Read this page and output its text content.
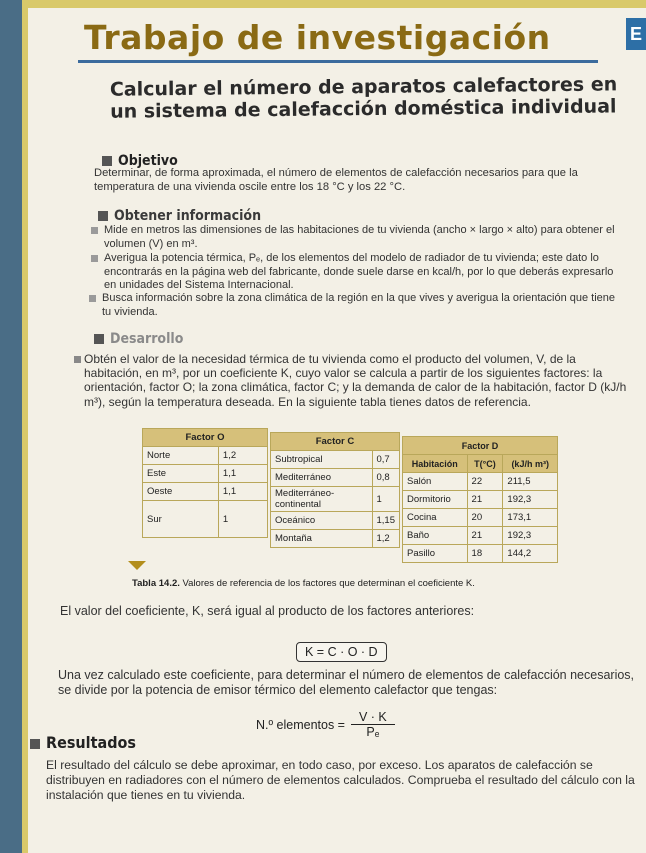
E
Trabajo de investigación
Calcular el número de aparatos calefactores en un sistema de calefacción doméstica individual
Objetivo
Determinar, de forma aproximada, el número de elementos de calefacción necesarios para que la temperatura de una vivienda oscile entre los 18 °C y los 22 °C.
Obtener información
Mide en metros las dimensiones de las habitaciones de tu vivienda (ancho × largo × alto) para obtener el volumen (V) en m³.
Averigua la potencia térmica, Pₑ, de los elementos del modelo de radiador de tu vivienda; este dato lo encontrarás en la página web del fabricante, donde suele darse en kcal/h, por lo que deberás expresarlo en unidades del Sistema Internacional.
Busca información sobre la zona climática de la región en la que vives y averigua la orientación que tiene tu vivienda.
Desarrollo
Obtén el valor de la necesidad térmica de tu vivienda como el producto del volumen, V, de la habitación, en m³, por un coeficiente K, cuyo valor se calcula a partir de los siguientes factores: la orientación, factor O; la zona climática, factor C; y la demanda de calor de la habitación, factor D (kJ/h m³), según la temperatura deseada. En la siguiente tabla tienes datos de referencia.
Factor O	
Norte	1,2
Este	1,1
Oeste	1,1
Sur	1
Factor C	
Subtropical	0,7
Mediterráneo	0,8
Mediterráneo-continental	1
Oceánico	1,15
Montaña	1,2
Factor D		
Habitación	T(°C)	(kJ/h m³)
Salón	22	211,5
Dormitorio	21	192,3
Cocina	20	173,1
Baño	21	192,3
Pasillo	18	144,2
Tabla 14.2. Valores de referencia de los factores que determinan el coeficiente K.
El valor del coeficiente, K, será igual al producto de los factores anteriores:
K = C · O · D
Una vez calculado este coeficiente, para determinar el número de elementos de calefacción necesarios, se divide por la potencia de emisor térmico del elemento calefactor que tengas:
N.º elementos = $\frac{V \cdot K}{\text{Pₑ}}$
Resultados
El resultado del cálculo se debe aproximar, en todo caso, por exceso. Los aparatos de calefacción se distribuyen en radiadores con el número de elementos calculados. Comprueba el resultado del cálculo con la instalación que tienes en tu vivienda.
